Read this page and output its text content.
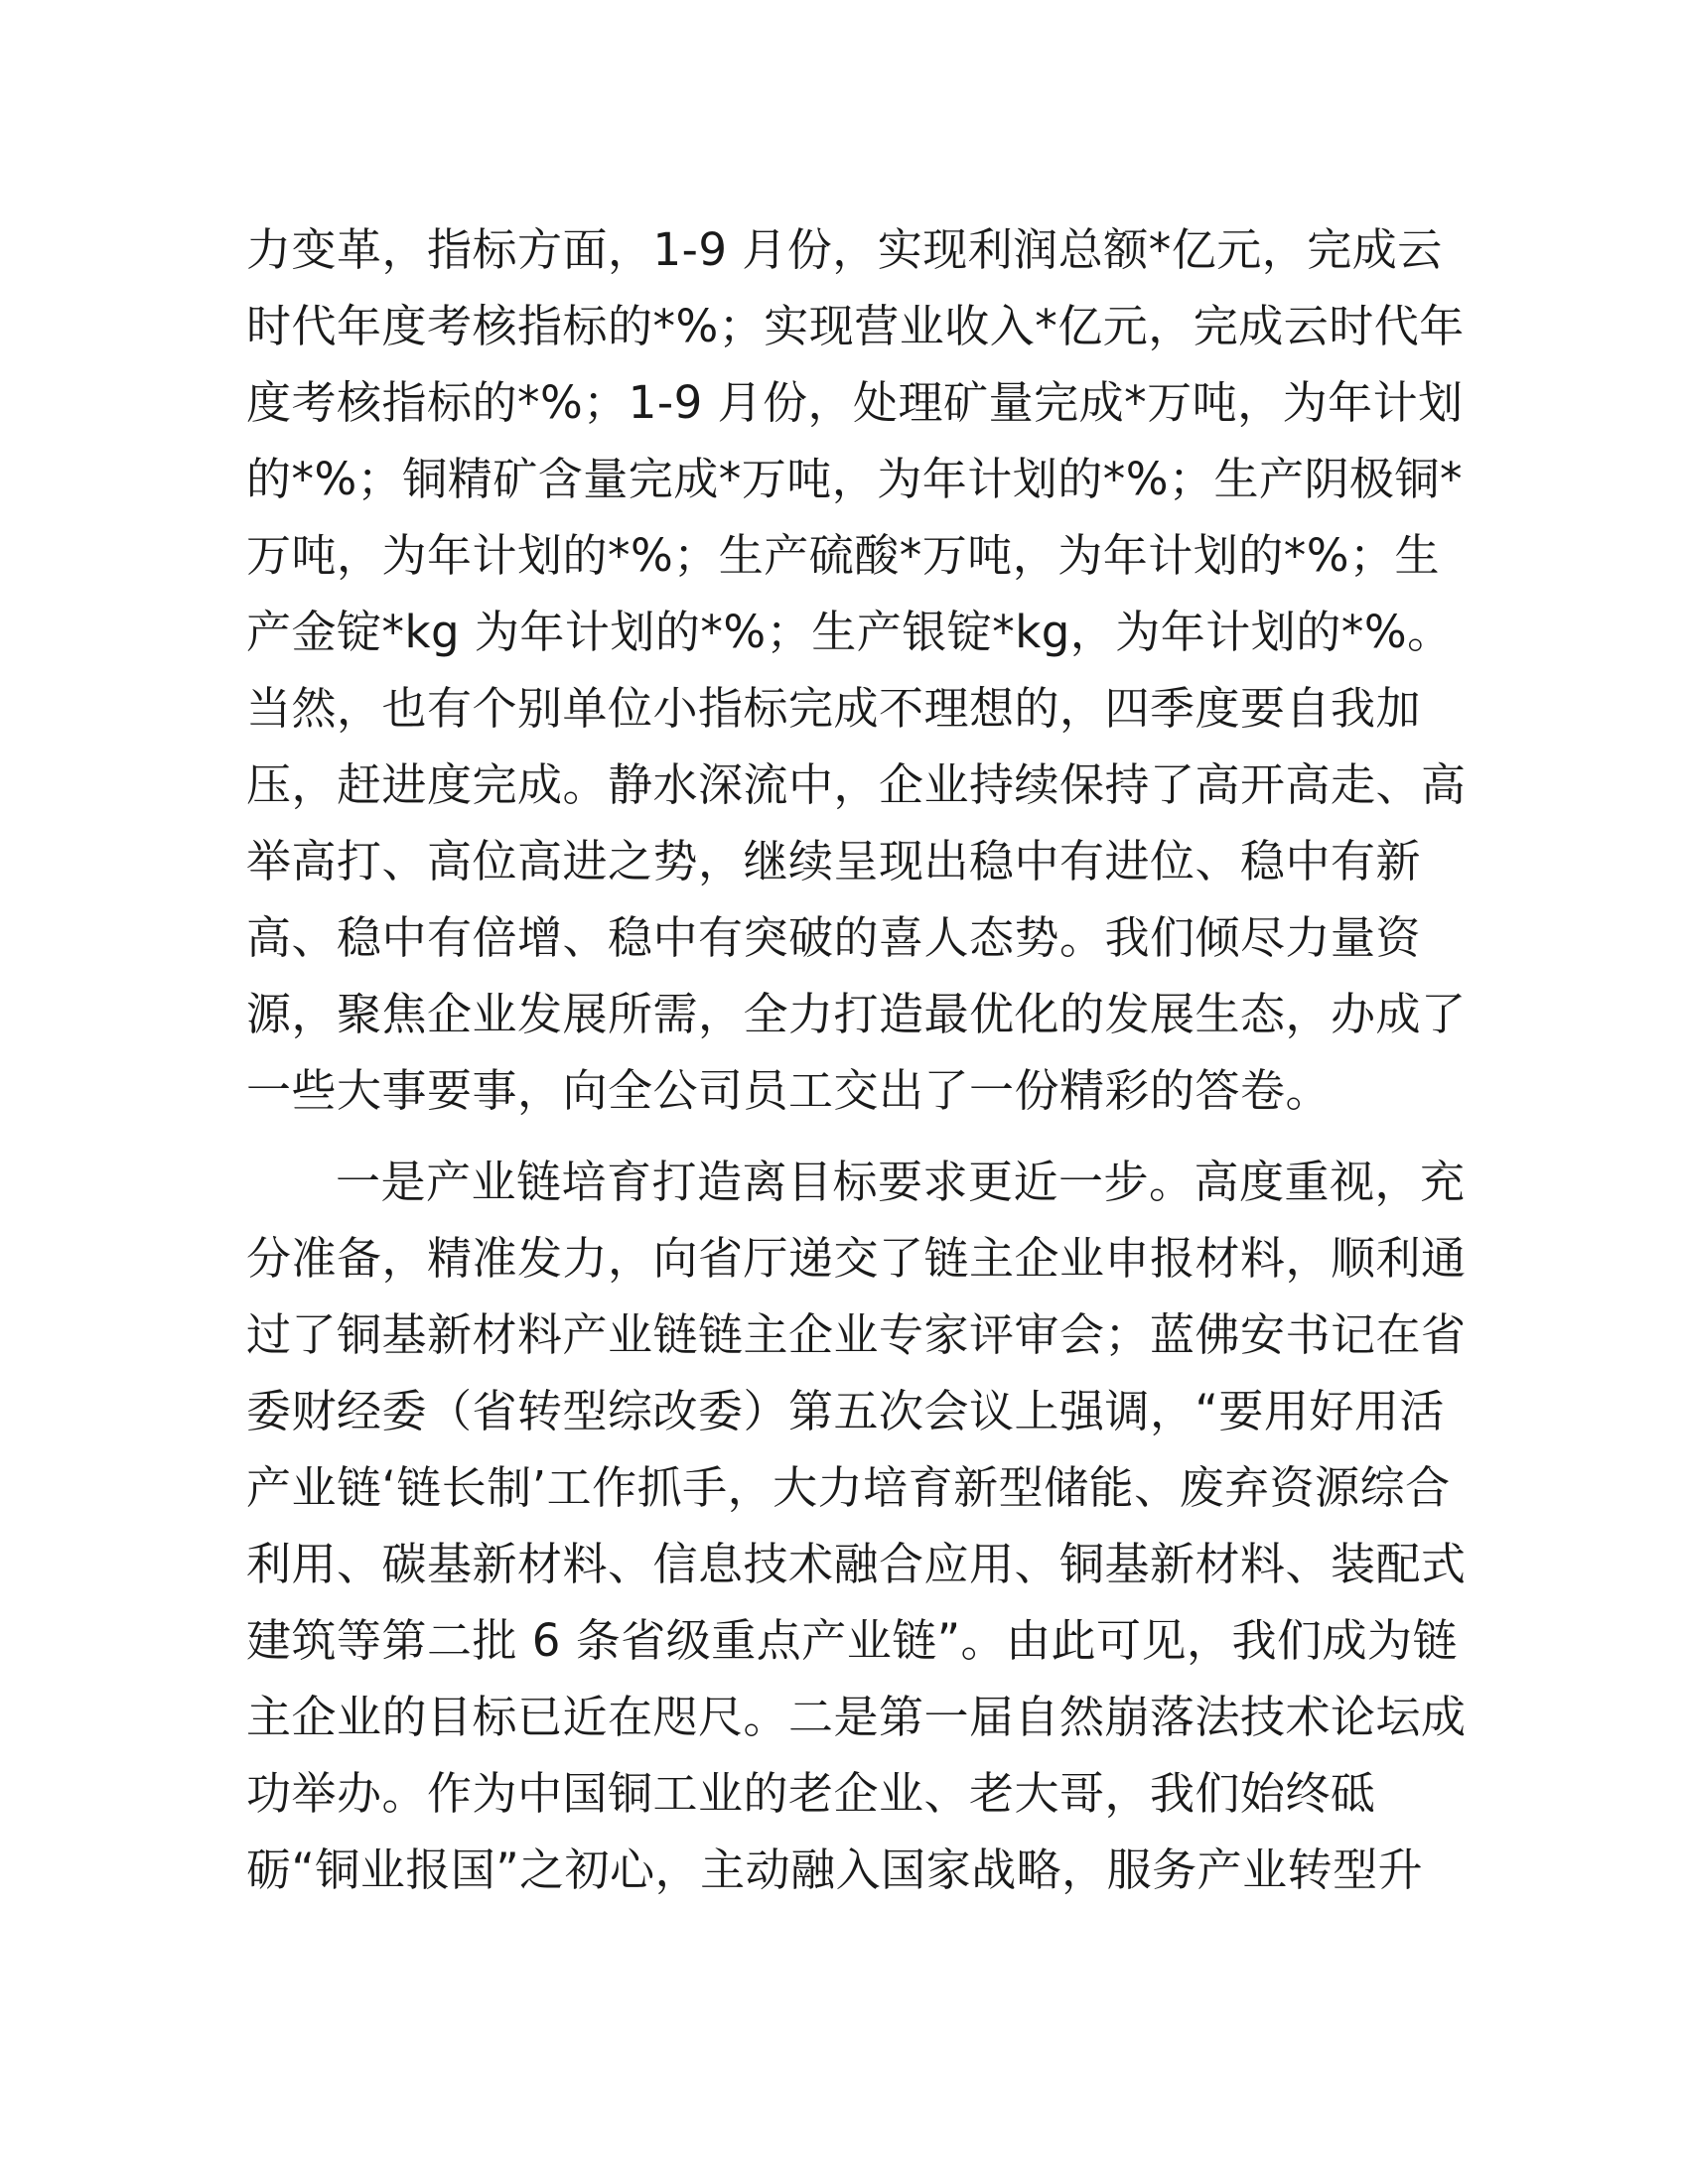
力变革，指标方面，1-9 月份，实现利润总额*亿元，完成云
时代年度考核指标的*%；实现营业收入*亿元，完成云时代年
度考核指标的*%；1-9 月份，处理矿量完成*万吨，为年计划
的*%；铜精矿含量完成*万吨，为年计划的*%；生产阴极铜*
万吨，为年计划的*%；生产硫酸*万吨，为年计划的*%；生
产金锭*kg 为年计划的*%；生产银锭*kg，为年计划的*%。
当然，也有个别单位小指标完成不理想的，四季度要自我加
压，赶进度完成。静水深流中，企业持续保持了高开高走、高
举高打、高位高进之势，继续呈现出稳中有进位、稳中有新
高、稳中有倍增、稳中有突破的喜人态势。我们倾尽力量资
源，聚焦企业发展所需，全力打造最优化的发展生态，办成了
一些大事要事，向全公司员工交出了一份精彩的答卷。
一是产业链培育打造离目标要求更近一步。高度重视，充
分准备，精准发力，向省厅递交了链主企业申报材料，顺利通
过了铜基新材料产业链链主企业专家评审会；蓝佛安书记在省
委财经委（省转型综改委）第五次会议上强调，“要用好用活
产业链‘链长制’工作抓手，大力培育新型储能、废弃资源综合
利用、碳基新材料、信息技术融合应用、铜基新材料、装配式
建筑等第二批 6 条省级重点产业链”。由此可见，我们成为链
主企业的目标已近在咫尺。二是第一届自然崩落法技术论坛成
功举办。作为中国铜工业的老企业、老大哥，我们始终砥
砺“铜业报国”之初心，主动融入国家战略，服务产业转型升
